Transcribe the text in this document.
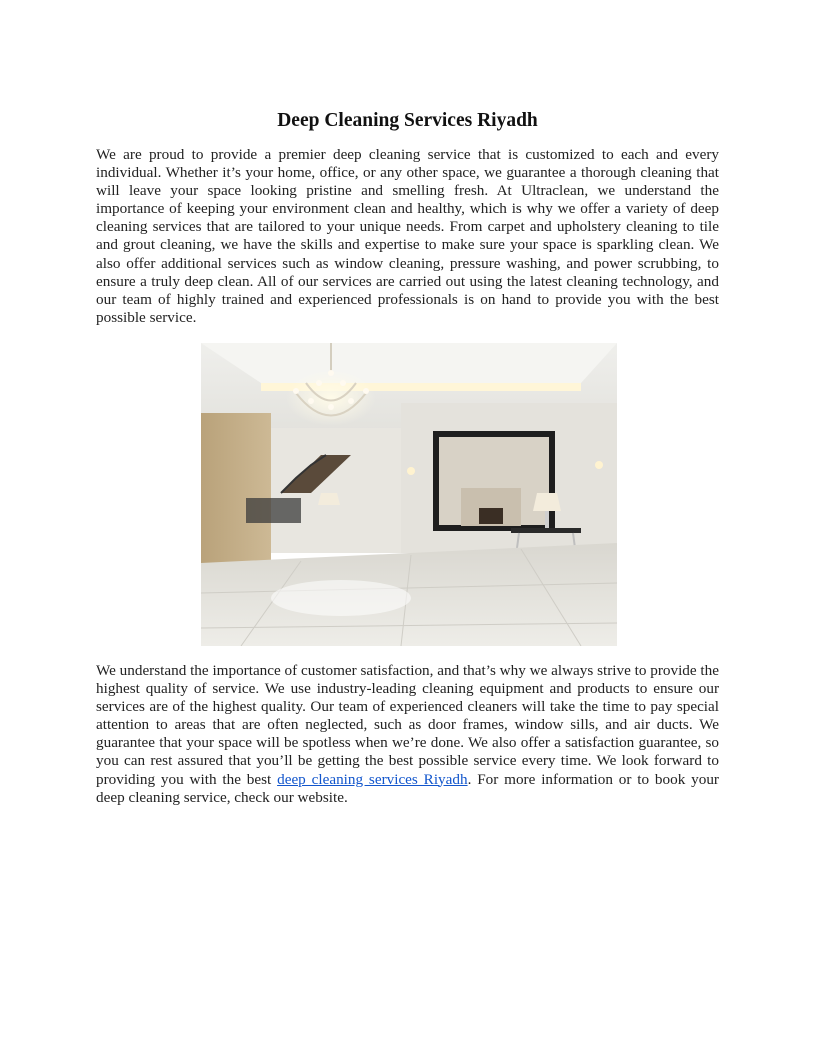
Deep Cleaning Services Riyadh

We are proud to provide a premier deep cleaning service that is customized to each and every individual. Whether it’s your home, office, or any other space, we guarantee a thorough cleaning that will leave your space looking pristine and smelling fresh. At Ultraclean, we understand the importance of keeping your environment clean and healthy, which is why we offer a variety of deep cleaning services that are tailored to your unique needs. From carpet and upholstery cleaning to tile and grout cleaning, we have the skills and expertise to make sure your space is sparkling clean. We also offer additional services such as window cleaning, pressure washing, and power scrubbing, to ensure a truly deep clean. All of our services are carried out using the latest cleaning technology, and our team of highly trained and experienced professionals is on hand to provide you with the best possible service.

We understand the importance of customer satisfaction, and that’s why we always strive to provide the highest quality of service. We use industry-leading cleaning equipment and products to ensure our services are of the highest quality. Our team of experienced cleaners will take the time to pay special attention to areas that are often neglected, such as door frames, window sills, and air ducts. We guarantee that your space will be spotless when we’re done. We also offer a satisfaction guarantee, so you can rest assured that you’ll be getting the best possible service every time. We look forward to providing you with the best deep cleaning services Riyadh. For more information or to book your deep cleaning service, check our website.
